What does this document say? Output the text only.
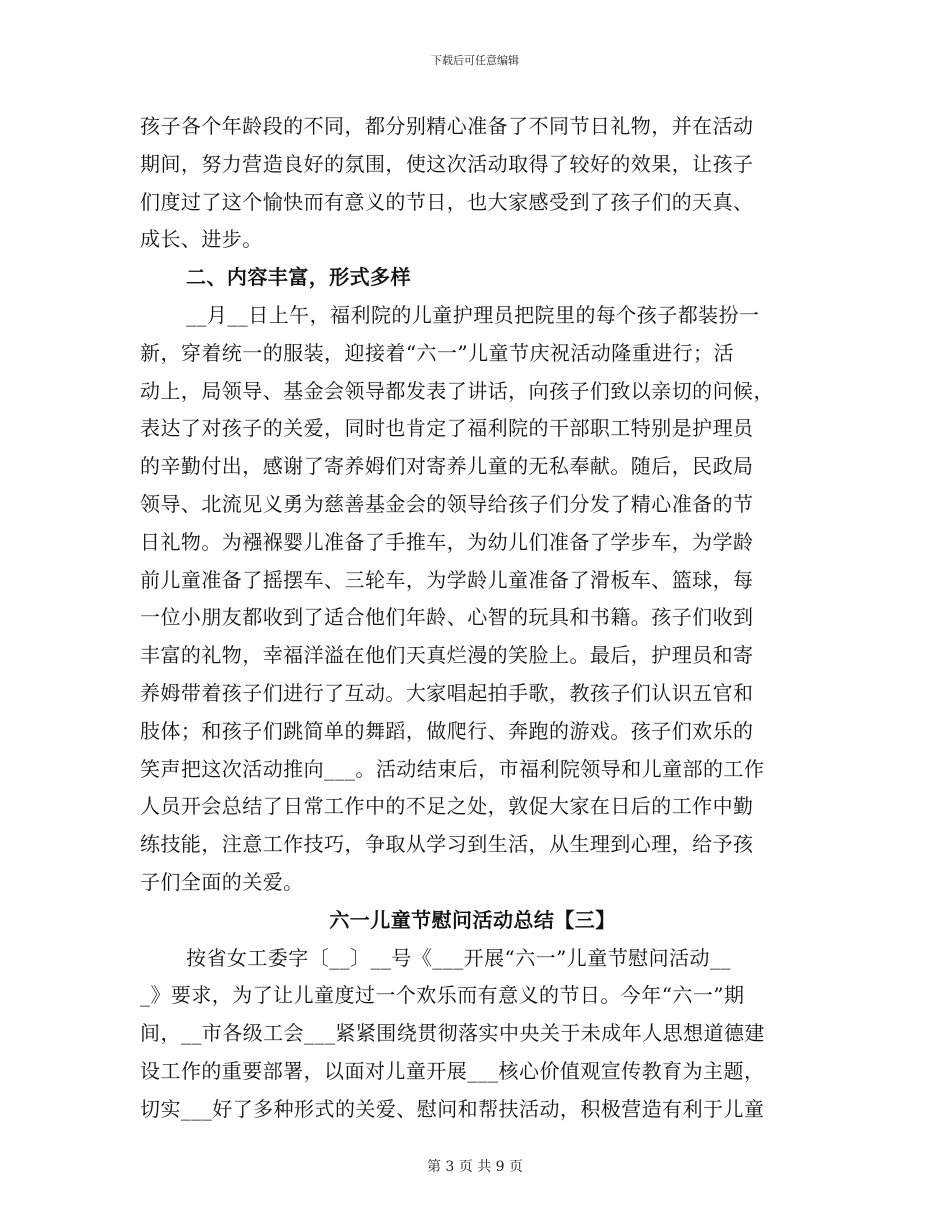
下载后可任意编辑
孩子各个年龄段的不同，都分别精心准备了不同节日礼物，并在活动
期间，努力营造良好的氛围，使这次活动取得了较好的效果，让孩子
们度过了这个愉快而有意义的节日，也大家感受到了孩子们的天真、
成长、进步。
二、内容丰富，形式多样
__月__日上午，福利院的儿童护理员把院里的每个孩子都装扮一
新，穿着统一的服装，迎接着“六一”儿童节庆祝活动隆重进行；活
动上，局领导、基金会领导都发表了讲话，向孩子们致以亲切的问候，
表达了对孩子的关爱，同时也肯定了福利院的干部职工特别是护理员
的辛勤付出，感谢了寄养姆们对寄养儿童的无私奉献。随后，民政局
领导、北流见义勇为慈善基金会的领导给孩子们分发了精心准备的节
日礼物。为襁褓婴儿准备了手推车，为幼儿们准备了学步车，为学龄
前儿童准备了摇摆车、三轮车，为学龄儿童准备了滑板车、篮球，每
一位小朋友都收到了适合他们年龄、心智的玩具和书籍。孩子们收到
丰富的礼物，幸福洋溢在他们天真烂漫的笑脸上。最后，护理员和寄
养姆带着孩子们进行了互动。大家唱起拍手歌，教孩子们认识五官和
肢体；和孩子们跳简单的舞蹈，做爬行、奔跑的游戏。孩子们欢乐的
笑声把这次活动推向___。活动结束后，市福利院领导和儿童部的工作
人员开会总结了日常工作中的不足之处，敦促大家在日后的工作中勤
练技能，注意工作技巧，争取从学习到生活，从生理到心理，给予孩
子们全面的关爱。
六一儿童节慰问活动总结【三】
按省女工委字〔__〕__号《___开展“六一”儿童节慰问活动__
_》要求，为了让儿童度过一个欢乐而有意义的节日。今年“六一”期
间，__市各级工会___紧紧围绕贯彻落实中央关于未成年人思想道德建
设工作的重要部署，以面对儿童开展___核心价值观宣传教育为主题，
切实___好了多种形式的关爱、慰问和帮扶活动，积极营造有利于儿童
第 3 页 共 9 页
